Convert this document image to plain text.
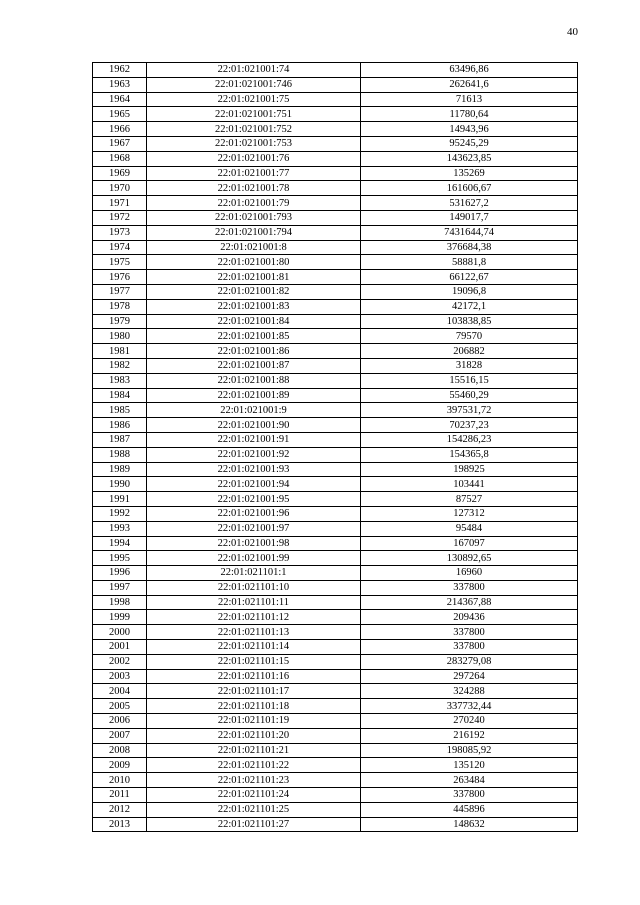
40
1962	22:01:021001:74	63496,86
1963	22:01:021001:746	262641,6
1964	22:01:021001:75	71613
1965	22:01:021001:751	11780,64
1966	22:01:021001:752	14943,96
1967	22:01:021001:753	95245,29
1968	22:01:021001:76	143623,85
1969	22:01:021001:77	135269
1970	22:01:021001:78	161606,67
1971	22:01:021001:79	531627,2
1972	22:01:021001:793	149017,7
1973	22:01:021001:794	7431644,74
1974	22:01:021001:8	376684,38
1975	22:01:021001:80	58881,8
1976	22:01:021001:81	66122,67
1977	22:01:021001:82	19096,8
1978	22:01:021001:83	42172,1
1979	22:01:021001:84	103838,85
1980	22:01:021001:85	79570
1981	22:01:021001:86	206882
1982	22:01:021001:87	31828
1983	22:01:021001:88	15516,15
1984	22:01:021001:89	55460,29
1985	22:01:021001:9	397531,72
1986	22:01:021001:90	70237,23
1987	22:01:021001:91	154286,23
1988	22:01:021001:92	154365,8
1989	22:01:021001:93	198925
1990	22:01:021001:94	103441
1991	22:01:021001:95	87527
1992	22:01:021001:96	127312
1993	22:01:021001:97	95484
1994	22:01:021001:98	167097
1995	22:01:021001:99	130892,65
1996	22:01:021101:1	16960
1997	22:01:021101:10	337800
1998	22:01:021101:11	214367,88
1999	22:01:021101:12	209436
2000	22:01:021101:13	337800
2001	22:01:021101:14	337800
2002	22:01:021101:15	283279,08
2003	22:01:021101:16	297264
2004	22:01:021101:17	324288
2005	22:01:021101:18	337732,44
2006	22:01:021101:19	270240
2007	22:01:021101:20	216192
2008	22:01:021101:21	198085,92
2009	22:01:021101:22	135120
2010	22:01:021101:23	263484
2011	22:01:021101:24	337800
2012	22:01:021101:25	445896
2013	22:01:021101:27	148632
